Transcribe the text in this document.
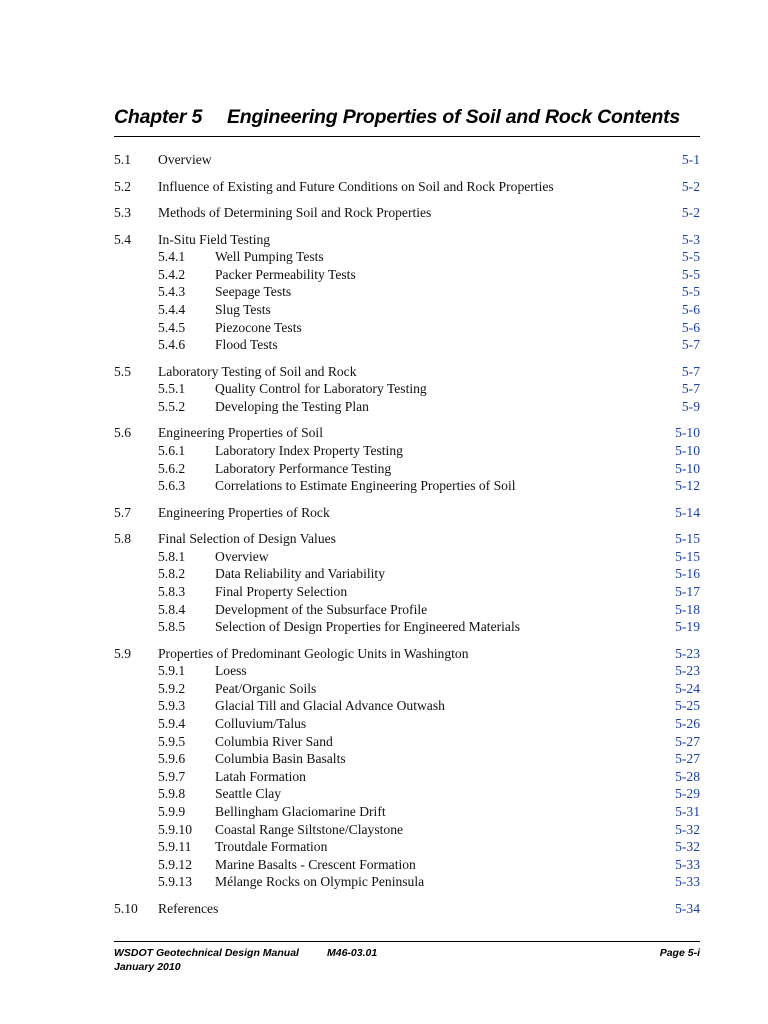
Chapter 5 Engineering Properties of Soil and Rock Contents
5.1 Overview	5-1
5.2 Influence of Existing and Future Conditions on Soil and Rock Properties	5-2
5.3 Methods of Determining Soil and Rock Properties	5-2
5.4 In-Situ Field Testing	5-3
5.4.1 Well Pumping Tests	5-5
5.4.2 Packer Permeability Tests	5-5
5.4.3 Seepage Tests	5-5
5.4.4 Slug Tests	5-6
5.4.5 Piezocone Tests	5-6
5.4.6 Flood Tests	5-7
5.5 Laboratory Testing of Soil and Rock	5-7
5.5.1 Quality Control for Laboratory Testing	5-7
5.5.2 Developing the Testing Plan	5-9
5.6 Engineering Properties of Soil	5-10
5.6.1 Laboratory Index Property Testing	5-10
5.6.2 Laboratory Performance Testing	5-10
5.6.3 Correlations to Estimate Engineering Properties of Soil	5-12
5.7 Engineering Properties of Rock	5-14
5.8 Final Selection of Design Values	5-15
5.8.1 Overview	5-15
5.8.2 Data Reliability and Variability	5-16
5.8.3 Final Property Selection	5-17
5.8.4 Development of the Subsurface Profile	5-18
5.8.5 Selection of Design Properties for Engineered Materials	5-19
5.9 Properties of Predominant Geologic Units in Washington	5-23
5.9.1 Loess	5-23
5.9.2 Peat/Organic Soils	5-24
5.9.3 Glacial Till and Glacial Advance Outwash	5-25
5.9.4 Colluvium/Talus	5-26
5.9.5 Columbia River Sand	5-27
5.9.6 Columbia Basin Basalts	5-27
5.9.7 Latah Formation	5-28
5.9.8 Seattle Clay	5-29
5.9.9 Bellingham Glaciomarine Drift	5-31
5.9.10 Coastal Range Siltstone/Claystone	5-32
5.9.11 Troutdale Formation	5-32
5.9.12 Marine Basalts - Crescent Formation	5-33
5.9.13 Mélange Rocks on Olympic Peninsula	5-33
5.10 References	5-34
WSDOT Geotechnical Design Manual	M46-03.01	Page 5-i
January 2010
